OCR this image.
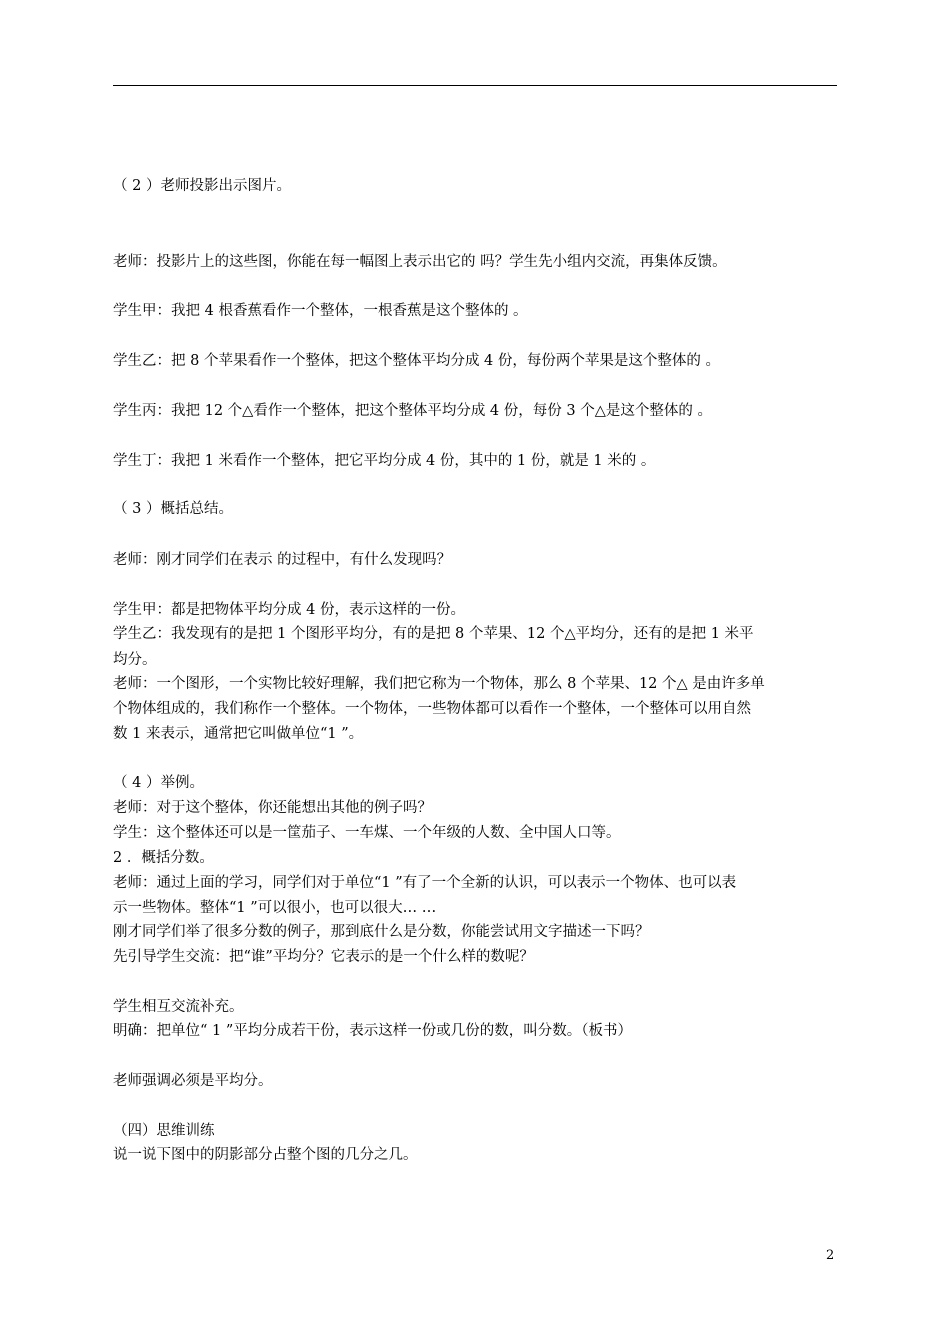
（ 2 ）老师投影出示图片。
老师：投影片上的这些图，你能在每一幅图上表示出它的 吗？学生先小组内交流，再集体反馈。
学生甲：我把 4 根香蕉看作一个整体，一根香蕉是这个整体的 。
学生乙：把 8 个苹果看作一个整体，把这个整体平均分成 4 份，每份两个苹果是这个整体的 。
学生丙：我把 12 个△看作一个整体，把这个整体平均分成 4 份，每份 3 个△是这个整体的 。
学生丁：我把 1 米看作一个整体，把它平均分成 4 份，其中的 1 份，就是 1 米的 。
（ 3 ）概括总结。
老师：刚才同学们在表示 的过程中，有什么发现吗？
学生甲：都是把物体平均分成 4 份，表示这样的一份。
学生乙：我发现有的是把 1 个图形平均分，有的是把 8 个苹果、12 个△平均分，还有的是把 1 米平
均分。
老师：一个图形，一个实物比较好理解，我们把它称为一个物体，那么 8 个苹果、12 个△ 是由许多单
个物体组成的，我们称作一个整体。一个物体，一些物体都可以看作一个整体，一个整体可以用自然
数 1 来表示，通常把它叫做单位“1 ”。
（ 4 ）举例。
老师：对于这个整体，你还能想出其他的例子吗？
学生：这个整体还可以是一筐茄子、一车煤、一个年级的人数、全中国人口等。
2 ．概括分数。
老师：通过上面的学习，同学们对于单位“1 ”有了一个全新的认识，可以表示一个物体、也可以表
示一些物体。整体“1 ”可以很小，也可以很大… …
刚才同学们举了很多分数的例子，那到底什么是分数，你能尝试用文字描述一下吗？
先引导学生交流：把“谁”平均分？它表示的是一个什么样的数呢？
学生相互交流补充。
明确：把单位“ 1 ”平均分成若干份，表示这样一份或几份的数，叫分数。（板书）
老师强调必须是平均分。
（四）思维训练
说一说下图中的阴影部分占整个图的几分之几。
2
